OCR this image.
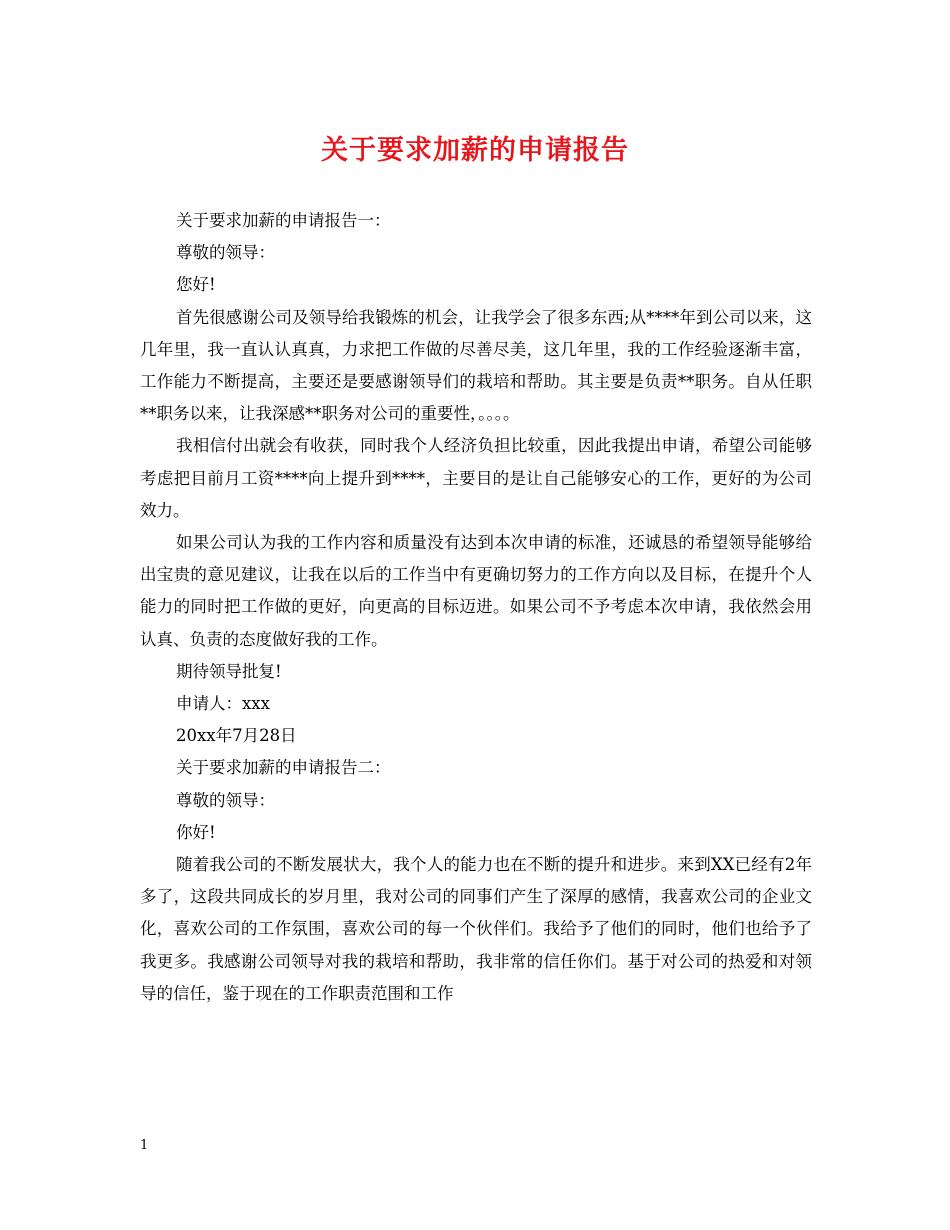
关于要求加薪的申请报告

关于要求加薪的申请报告一：

尊敬的领导：

您好!

首先很感谢公司及领导给我锻炼的机会，让我学会了很多东西;从****年到公司以来，这几年里，我一直认认真真，力求把工作做的尽善尽美，这几年里，我的工作经验逐渐丰富，工作能力不断提高，主要还是要感谢领导们的栽培和帮助。其主要是负责**职务。自从任职**职务以来，让我深感**职务对公司的重要性，。。。。

我相信付出就会有收获，同时我个人经济负担比较重，因此我提出申请，希望公司能够考虑把目前月工资****向上提升到****，主要目的是让自己能够安心的工作，更好的为公司效力。

如果公司认为我的工作内容和质量没有达到本次申请的标准，还诚恳的希望领导能够给出宝贵的意见建议，让我在以后的工作当中有更确切努力的工作方向以及目标，在提升个人能力的同时把工作做的更好，向更高的目标迈进。如果公司不予考虑本次申请，我依然会用认真、负责的态度做好我的工作。

期待领导批复!

申请人：xxx

20xx年7月28日

关于要求加薪的申请报告二：

尊敬的领导：

你好!

随着我公司的不断发展状大，我个人的能力也在不断的提升和进步。来到XX已经有2年多了，这段共同成长的岁月里，我对公司的同事们产生了深厚的感情，我喜欢公司的企业文化，喜欢公司的工作氛围，喜欢公司的每一个伙伴们。我给予了他们的同时，他们也给予了我更多。我感谢公司领导对我的栽培和帮助，我非常的信任你们。基于对公司的热爱和对领导的信任，鉴于现在的工作职责范围和工作

1
